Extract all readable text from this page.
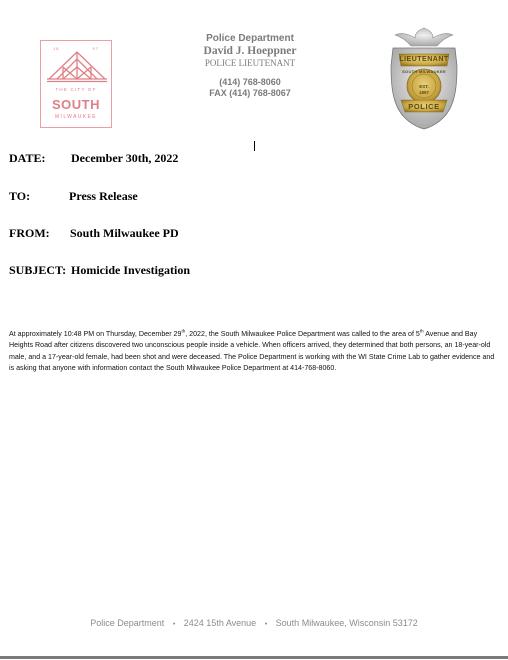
18	97
THE CITY OF
SOUTH
MILWAUKEE
Police Department
David J. Hoeppner
POLICE LIEUTENANT
(414) 768-8060
FAX (414) 768-8067
LIEUTENANT
SOUTH MILWAUKEE
EST.
1897
POLICE
DATE: December 30th, 2022
TO:	Press Release
FROM: South Milwaukee PD
SUBJECT: Homicide Investigation
At approximately 10:48 PM on Thursday, December 29th, 2022, the South Milwaukee Police Department was called to the area of 5th Avenue and Bay Heights Road after citizens discovered two unconscious people inside a vehicle. When officers arrived, they determined that both persons, an 18-year-old male, and a 17-year-old female, had been shot and were deceased. The Police Department is working with the WI State Crime Lab to gather evidence and is asking that anyone with information contact the South Milwaukee Police Department at 414-768-8060.
Police Department • 2424 15th Avenue • South Milwaukee, Wisconsin 53172
